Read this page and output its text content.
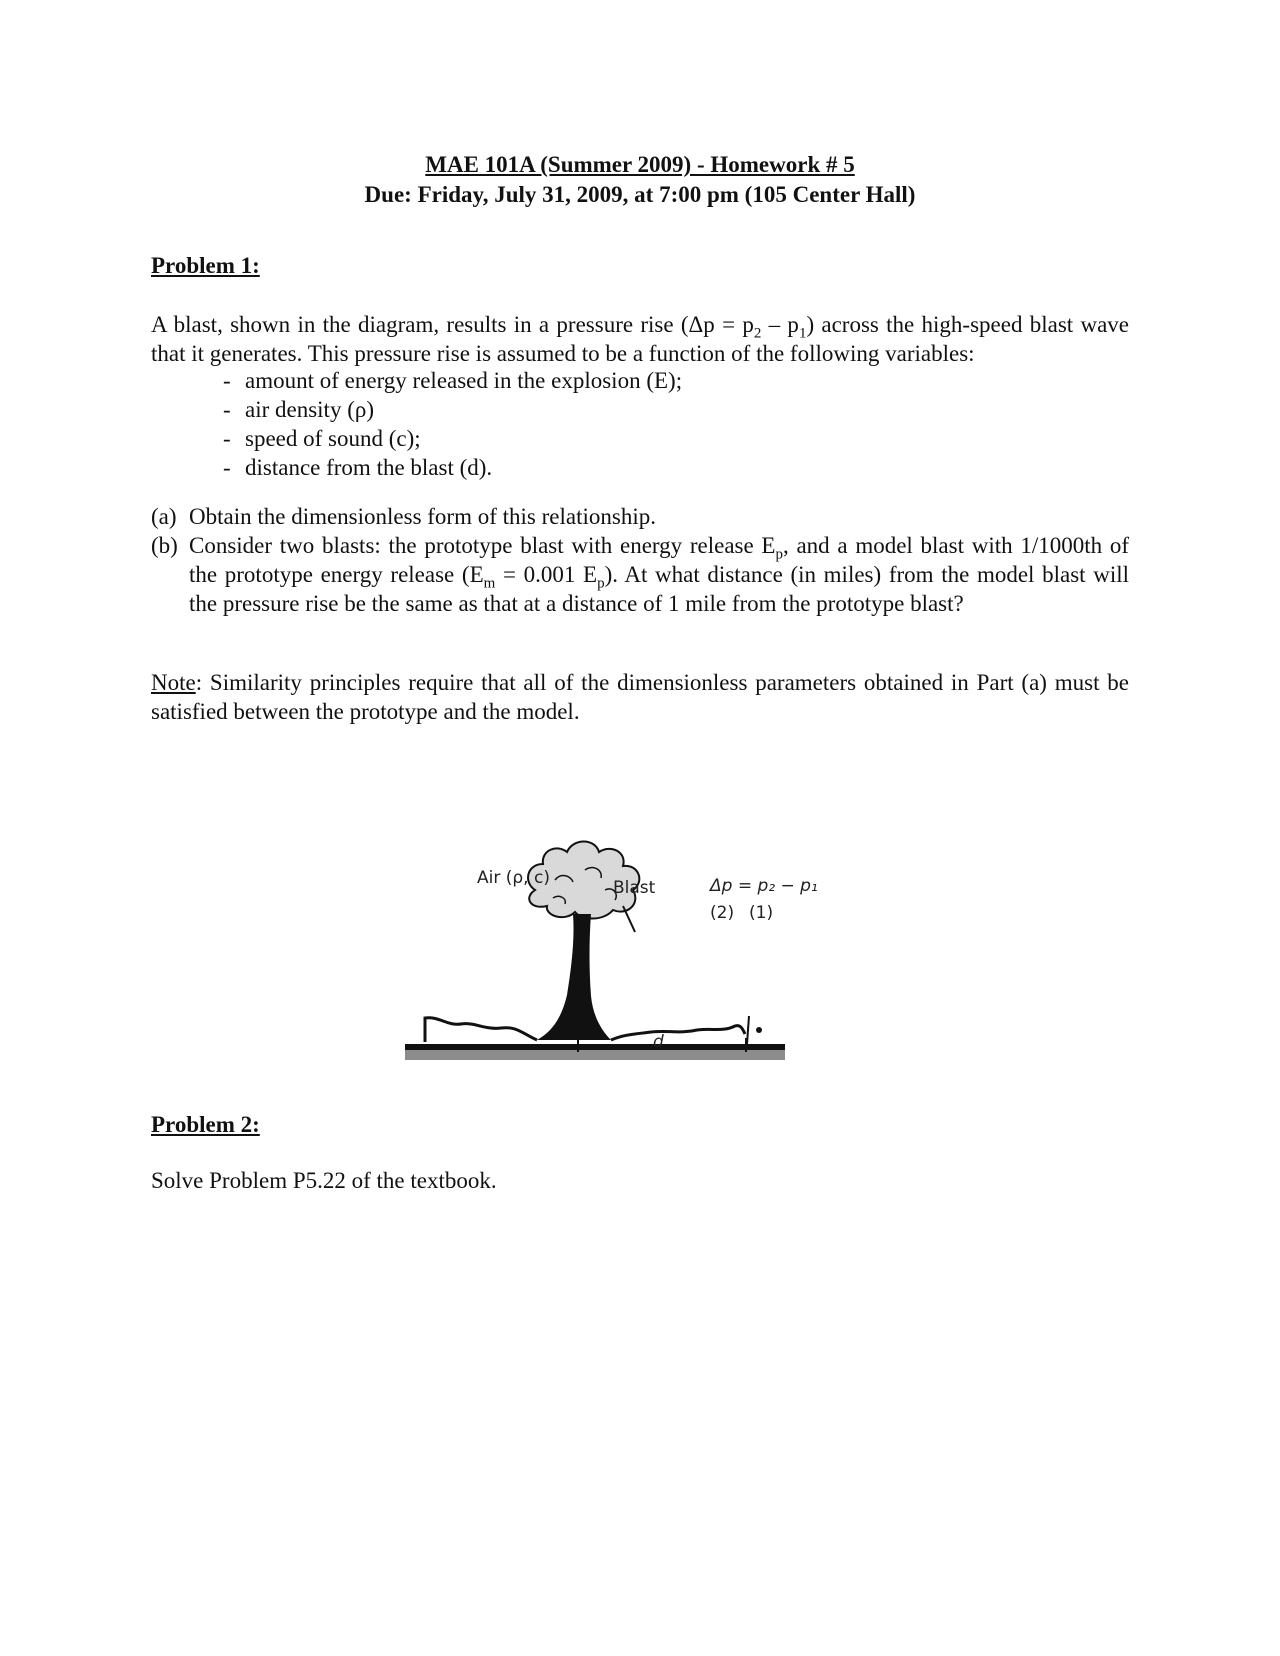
MAE 101A (Summer 2009) - Homework # 5
Due: Friday, July 31, 2009, at 7:00 pm (105 Center Hall)
Problem 1:
A blast, shown in the diagram, results in a pressure rise $(\Delta p = p_2 - p_1)$ across the high-speed blast wave that it generates. This pressure rise is assumed to be a function of the following variables:
- amount of energy released in the explosion (E);
- air density (ρ)
- speed of sound (c);
- distance from the blast (d).
(a) Obtain the dimensionless form of this relationship.
(b) Consider two blasts: the prototype blast with energy release $E_p$, and a model blast with 1/1000th of the prototype energy release ($E_m = 0.001$ $E_p$). At what distance (in miles) from the model blast will the pressure rise be the same as that at a distance of 1 mile from the prototype blast?
Note: Similarity principles require that all of the dimensionless parameters obtained in Part (a) must be satisfied between the prototype and the model.
Air (ρ, c)	Blast	Δp = p₂ − p₁
(2) (1)
d
Problem 2:
Solve Problem P5.22 of the textbook.
